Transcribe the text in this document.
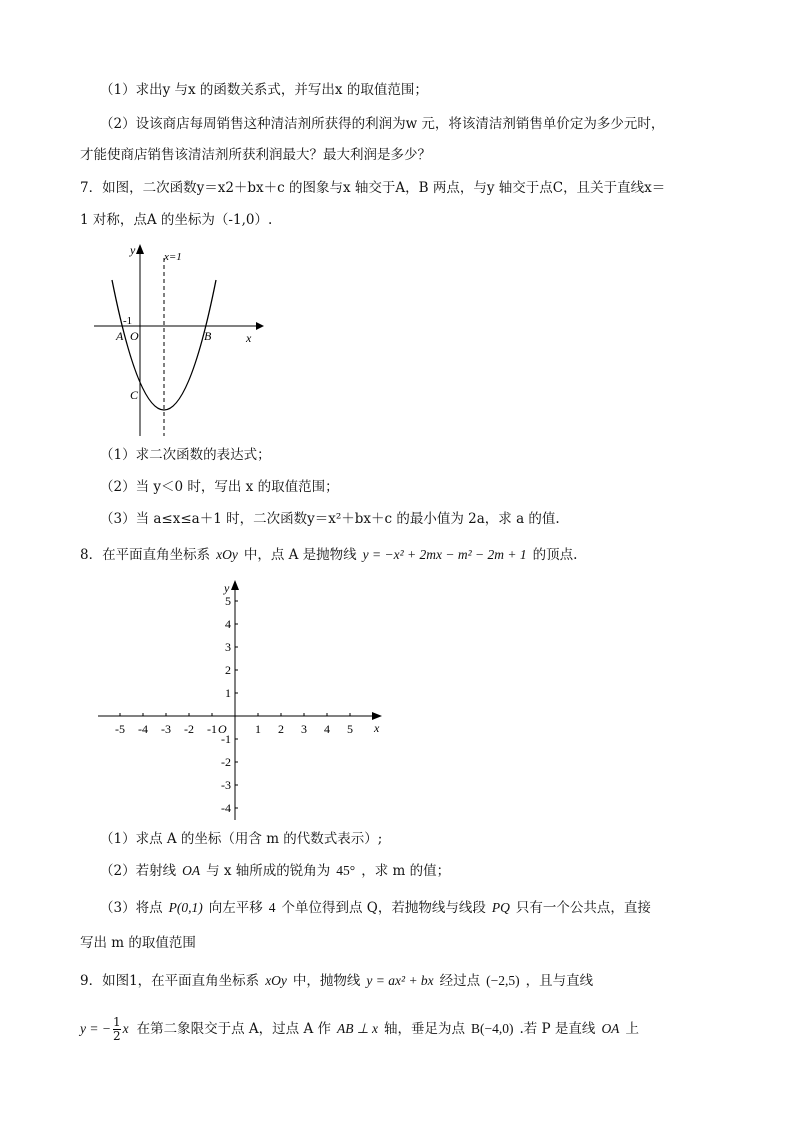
（1）求出y 与x 的函数关系式，并写出x 的取值范围；
（2）设该商店每周销售这种清洁剂所获得的利润为w 元，将该清洁剂销售单价定为多少元时，
才能使商店销售该清洁剂所获利润最大？最大利润是多少？
7．如图，二次函数y＝x2＋bx＋c 的图象与x 轴交于A，B 两点，与y 轴交于点C，且关于直线x＝
1 对称，点A 的坐标为（-1,0）.
y
x
x=1
-1
A O	B
C
（1）求二次函数的表达式；
（2）当 y＜0 时，写出 x 的取值范围；
（3）当 a≤x≤a＋1 时，二次函数y＝x²＋bx＋c 的最小值为 2a，求 a 的值.
8．在平面直角坐标系 xOy 中，点 A 是抛物线 y = −x² + 2mx − m² − 2m + 1 的顶点.
y
x
O
-5 -4 -3 -2 -1	1 2 3 4 5
5
4
3
2
1
-1
-2
-3
-4
（1）求点 A 的坐标（用含 m 的代数式表示）;
（2）若射线 OA 与 x 轴所成的锐角为 45° ，求 m 的值；
（3）将点 P(0,1) 向左平移 4 个单位得到点 Q，若抛物线与线段 PQ 只有一个公共点，直接
写出 m 的取值范围
9．如图1，在平面直角坐标系 xOy 中，抛物线 y = ax² + bx 经过点 (−2,5) ，且与直线
y = − $\frac{1}{2}$ x 在第二象限交于点 A，过点 A 作 AB ⊥ x 轴，垂足为点 B(−4,0) .若 P 是直线 OA 上
